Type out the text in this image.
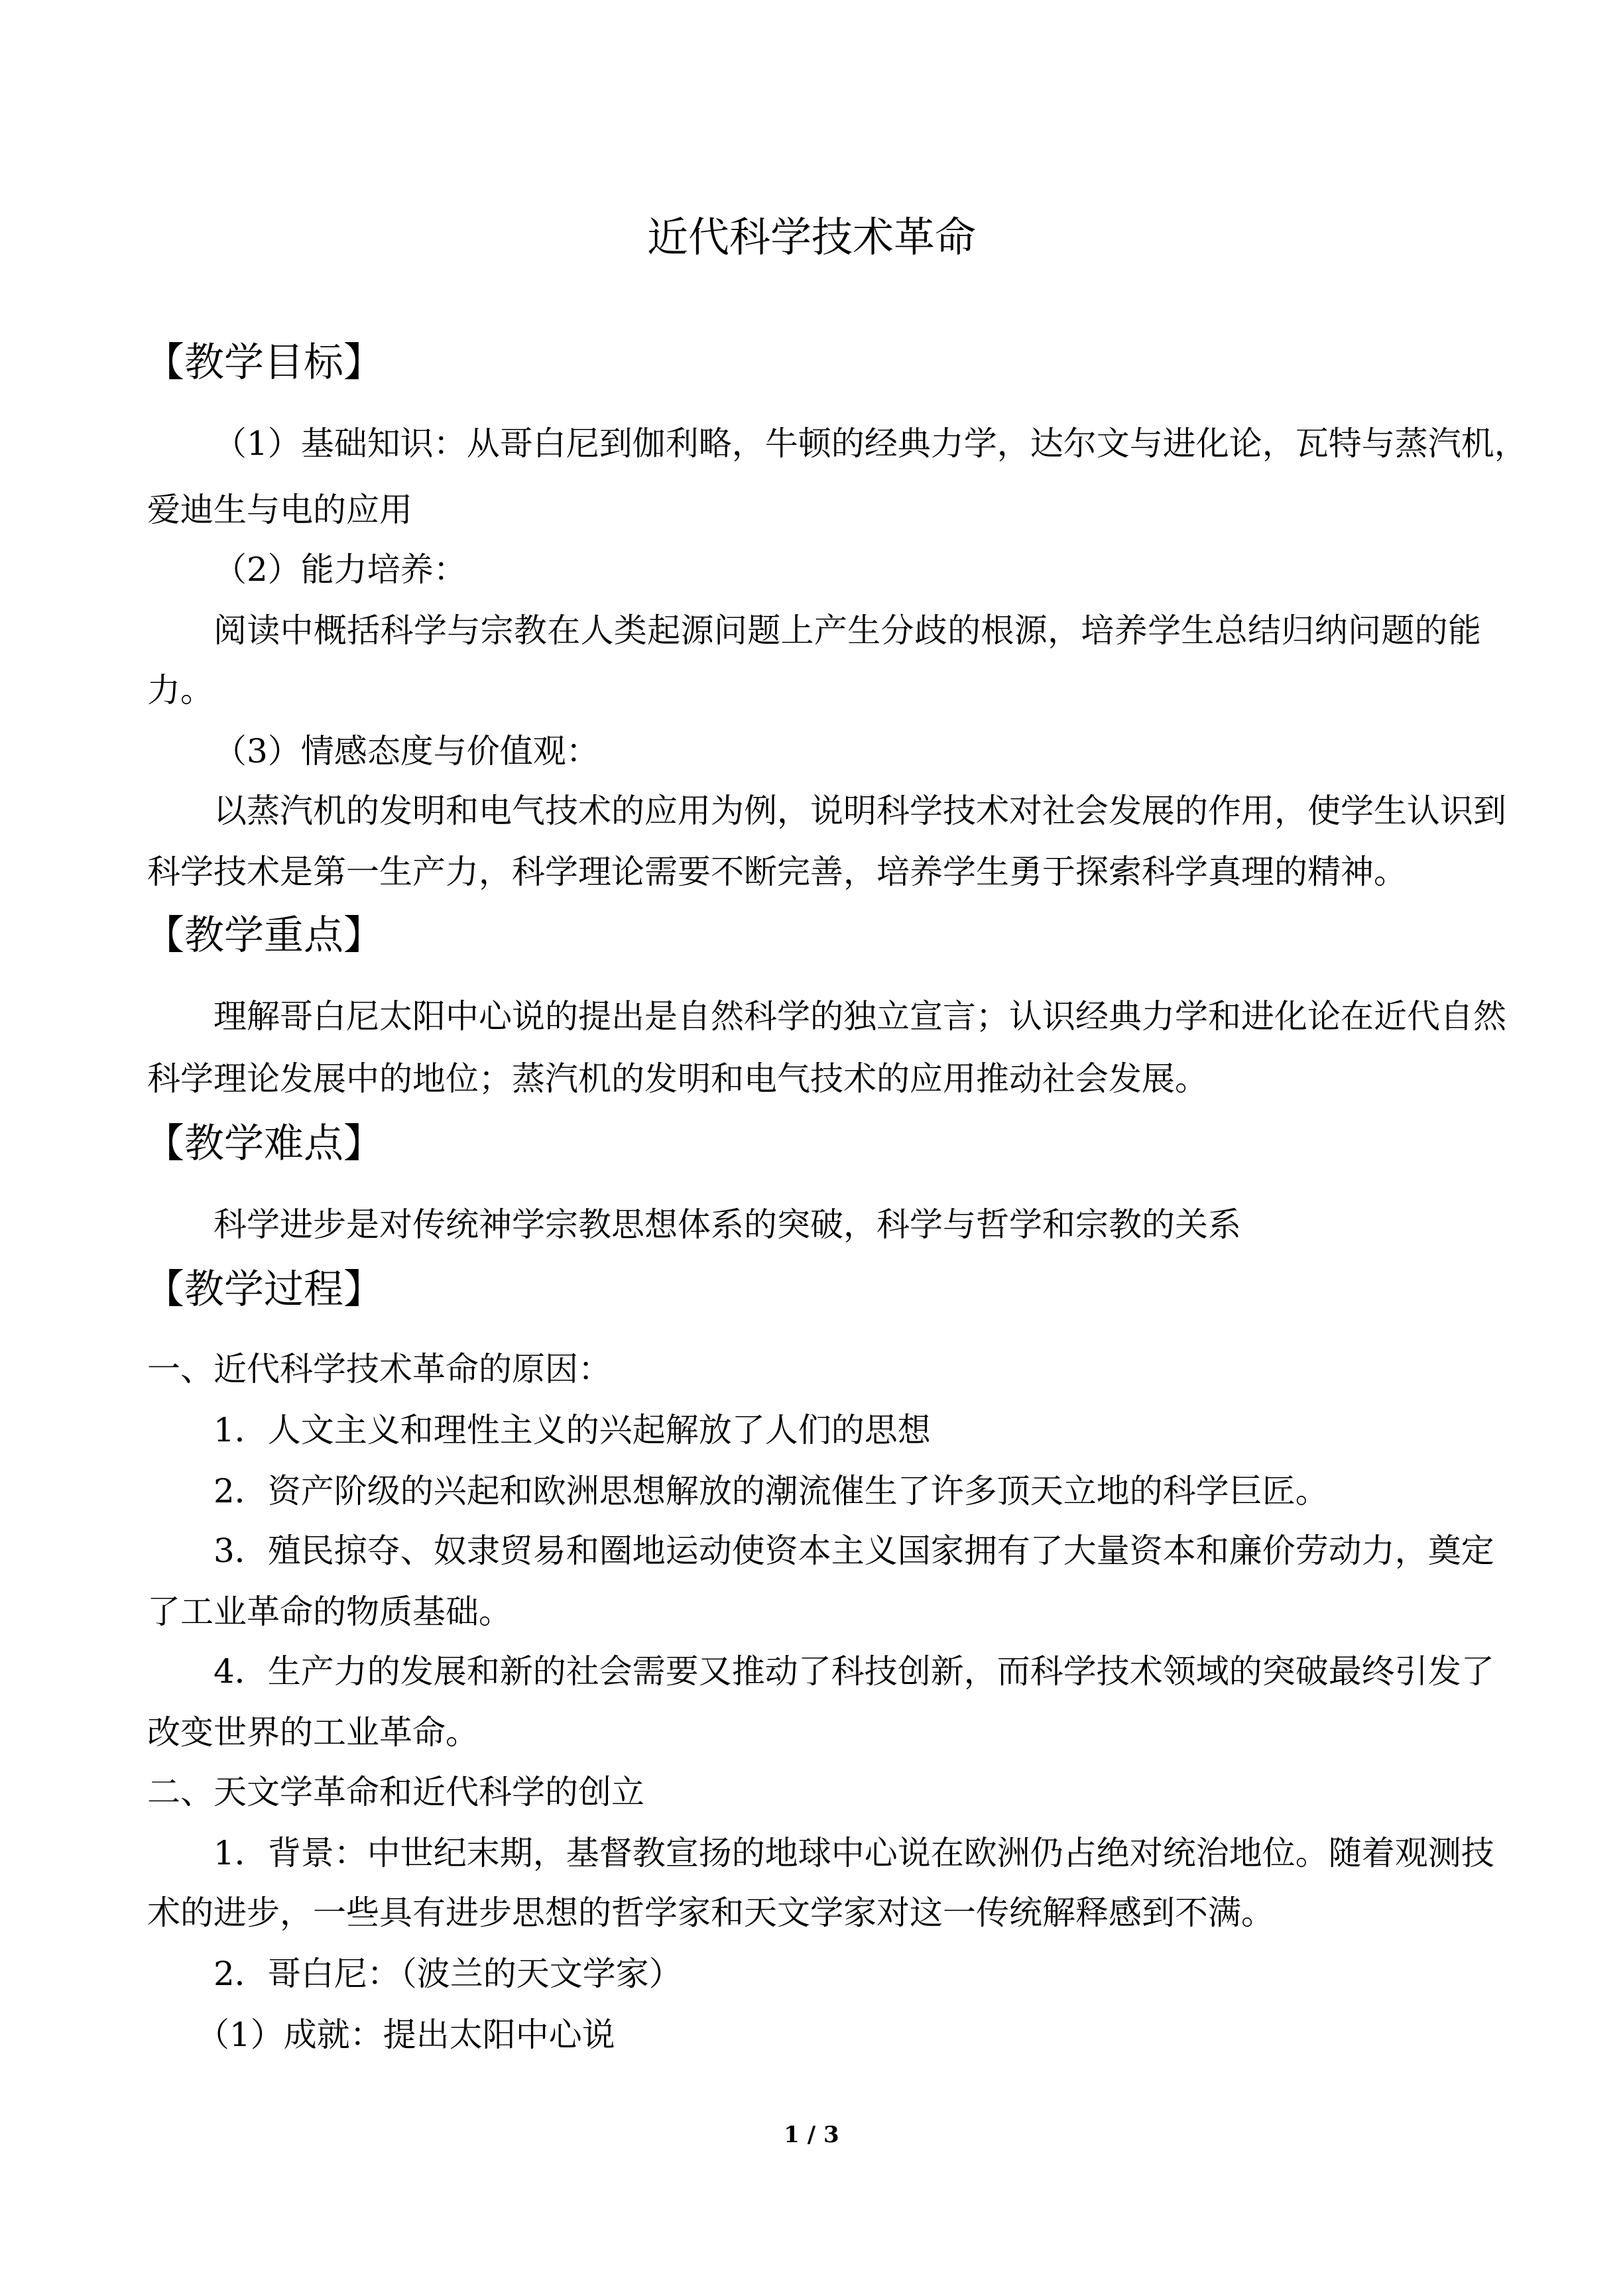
近代科学技术革命
【教学目标】
（1）基础知识：从哥白尼到伽利略，牛顿的经典力学，达尔文与进化论，瓦特与蒸汽机，
爱迪生与电的应用
（2）能力培养：
阅读中概括科学与宗教在人类起源问题上产生分歧的根源，培养学生总结归纳问题的能
力。
（3）情感态度与价值观：
以蒸汽机的发明和电气技术的应用为例，说明科学技术对社会发展的作用，使学生认识到
科学技术是第一生产力，科学理论需要不断完善，培养学生勇于探索科学真理的精神。
【教学重点】
理解哥白尼太阳中心说的提出是自然科学的独立宣言；认识经典力学和进化论在近代自然
科学理论发展中的地位；蒸汽机的发明和电气技术的应用推动社会发展。
【教学难点】
科学进步是对传统神学宗教思想体系的突破，科学与哲学和宗教的关系
【教学过程】
一、近代科学技术革命的原因：
1．人文主义和理性主义的兴起解放了人们的思想
2．资产阶级的兴起和欧洲思想解放的潮流催生了许多顶天立地的科学巨匠。
3．殖民掠夺、奴隶贸易和圈地运动使资本主义国家拥有了大量资本和廉价劳动力，奠定
了工业革命的物质基础。
4．生产力的发展和新的社会需要又推动了科技创新，而科学技术领域的突破最终引发了
改变世界的工业革命。
二、天文学革命和近代科学的创立
1．背景：中世纪末期，基督教宣扬的地球中心说在欧洲仍占绝对统治地位。随着观测技
术的进步，一些具有进步思想的哲学家和天文学家对这一传统解释感到不满。
2．哥白尼：（波兰的天文学家）
（1）成就：提出太阳中心说
1 / 3
